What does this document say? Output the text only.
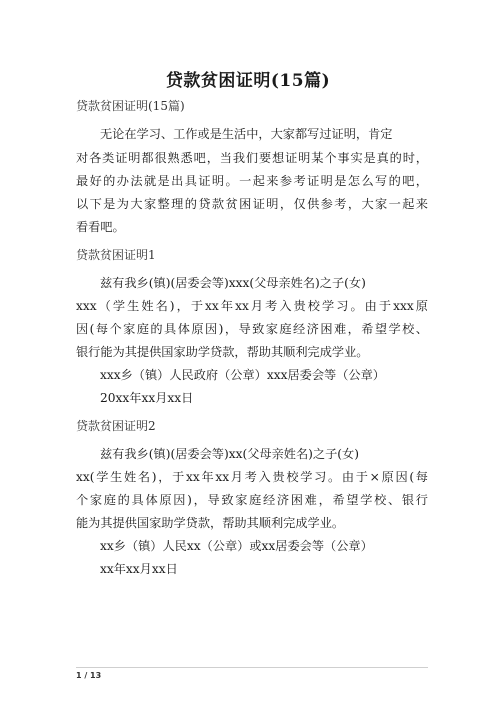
贷款贫困证明(15篇)
贷款贫困证明(15篇)
无论在学习、工作或是生活中，大家都写过证明，肯定
对各类证明都很熟悉吧，当我们要想证明某个事实是真的时，
最好的办法就是出具证明。一起来参考证明是怎么写的吧，
以下是为大家整理的贷款贫困证明，仅供参考，大家一起来
看看吧。
贷款贫困证明1
兹有我乡(镇)(居委会等)xxx(父母亲姓名)之子(女)
xxx（学生姓名)，于xx年xx月考入贵校学习。由于xxx原
因(每个家庭的具体原因)，导致家庭经济困难，希望学校、
银行能为其提供国家助学贷款，帮助其顺利完成学业。
xxx乡（镇）人民政府（公章）xxx居委会等（公章）
20xx年xx月xx日
贷款贫困证明2
兹有我乡(镇)(居委会等)xx(父母亲姓名)之子(女)
xx(学生姓名)，于xx年xx月考入贵校学习。由于×原因(每
个家庭的具体原因)，导致家庭经济困难，希望学校、银行
能为其提供国家助学贷款，帮助其顺利完成学业。
xx乡（镇）人民xx（公章）或xx居委会等（公章）
xx年xx月xx日
1 / 13
